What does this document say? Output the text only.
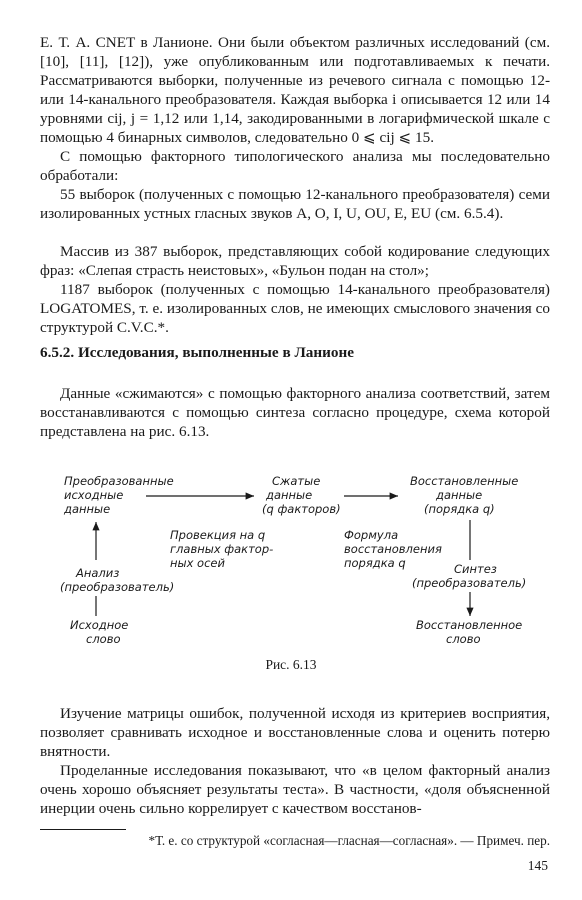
Е. Т. А. CNET в Ланионе. Они были объектом различных исследований (см. [10], [11], [12]), уже опубликованным или подготавливаемых к печати. Рассматриваются выборки, полученные из речевого сигнала с помощью 12- или 14-канального преобразователя. Каждая выборка i описывается 12 или 14 уровнями cij, j = 1,12 или 1,14, закодированными в логарифмической шкале с помощью 4 бинарных символов, следовательно 0 ⩽ cij ⩽ 15.

С помощью факторного типологического анализа мы последовательно обработали:

55 выборок (полученных с помощью 12-канального преобразователя) семи изолированных устных гласных звуков A, O, I, U, OU, E, EU (см. 6.5.4).

Массив из 387 выборок, представляющих собой кодирование следующих фраз: «Слепая страсть неистовых», «Бульон подан на стол»;

1187 выборок (полученных с помощью 14-канального преобразователя) LOGATOMES, т. е. изолированных слов, не имеющих смыслового значения со структурой C.V.C.*.

6.5.2. Исследования, выполненные в Ланионе

Данные «сжимаются» с помощью факторного анализа соответствий, затем восстанавливаются с помощью синтеза согласно процедуре, схема которой представлена на рис. 6.13.

Преобразованные
исходные
данные
Сжатые
данные
(q факторов)
Восстановленные
данные
(порядка q)
Провекция на q
главных фактор-
ных осей
Формула
восстановления
порядка q
Анализ
(преобразователь)
Синтез
(преобразователь)
Исходное
слово
Восстановленное
слово
Рис. 6.13

Изучение матрицы ошибок, полученной исходя из критериев восприятия, позволяет сравнивать исходное и восстановленные слова и оценить потерю внятности.

Проделанные исследования показывают, что «в целом факторный анализ очень хорошо объясняет результаты теста». В частности, «доля объясненной инерции очень сильно коррелирует с качеством восстанов-

*Т. е. со структурой «согласная—гласная—согласная». — Примеч. пер.

145
